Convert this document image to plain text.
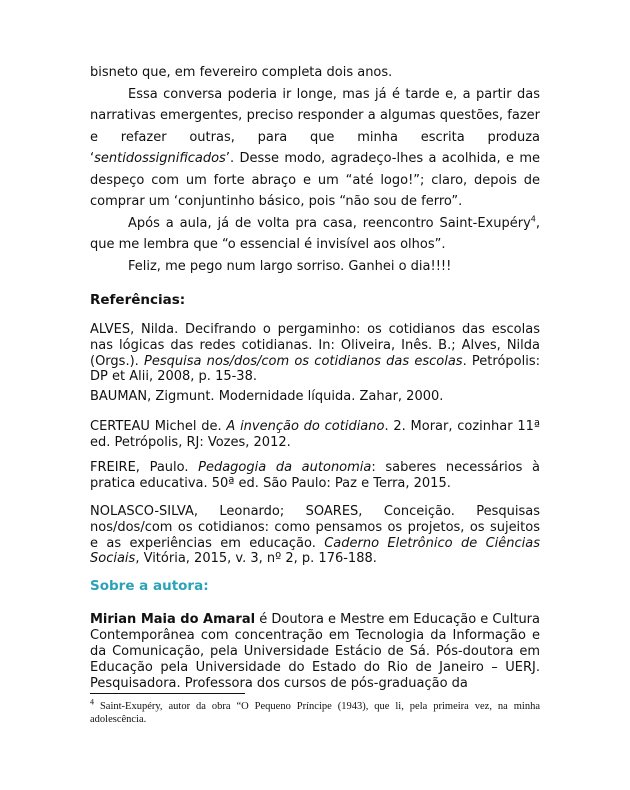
bisneto que, em fevereiro completa dois anos.

Essa conversa poderia ir longe, mas já é tarde e, a partir das narrativas emergentes, preciso responder a algumas questões, fazer e refazer outras, para que minha escrita produza ‘sentidossignificados’. Desse modo, agradeço-lhes a acolhida, e me despeço com um forte abraço e um “até logo!”; claro, depois de comprar um ‘conjuntinho básico, pois “não sou de ferro”.

Após a aula, já de volta pra casa, reencontro Saint-Exupéry$^4$, que me lembra que “o essencial é invisível aos olhos”.

Feliz, me pego num largo sorriso. Ganhei o dia!!!!

Referências:

ALVES, Nilda. Decifrando o pergaminho: os cotidianos das escolas nas lógicas das redes cotidianas. In: Oliveira, Inês. B.; Alves, Nilda (Orgs.). Pesquisa nos/dos/com os cotidianos das escolas. Petrópolis: DP et Alii, 2008, p. 15-38.

BAUMAN, Zigmunt. Modernidade líquida. Zahar, 2000.

CERTEAU Michel de. A invenção do cotidiano. 2. Morar, cozinhar 11ª ed. Petrópolis, RJ: Vozes, 2012.

FREIRE, Paulo. Pedagogia da autonomia: saberes necessários à pratica educativa. 50ª ed. São Paulo: Paz e Terra, 2015.

NOLASCO-SILVA, Leonardo; SOARES, Conceição. Pesquisas nos/dos/com os cotidianos: como pensamos os projetos, os sujeitos e as experiências em educação. Caderno Eletrônico de Ciências Sociais, Vitória, 2015, v. 3, nº 2, p. 176-188.

Sobre a autora:

Mirian Maia do Amaral é Doutora e Mestre em Educação e Cultura Contemporânea com concentração em Tecnologia da Informação e da Comunicação, pela Universidade Estácio de Sá. Pós-doutora em Educação pela Universidade do Estado do Rio de Janeiro – UERJ. Pesquisadora. Professora dos cursos de pós-graduação da

$^4$ Saint-Exupéry, autor da obra “O Pequeno Príncipe (1943), que li, pela primeira vez, na minha adolescência.
